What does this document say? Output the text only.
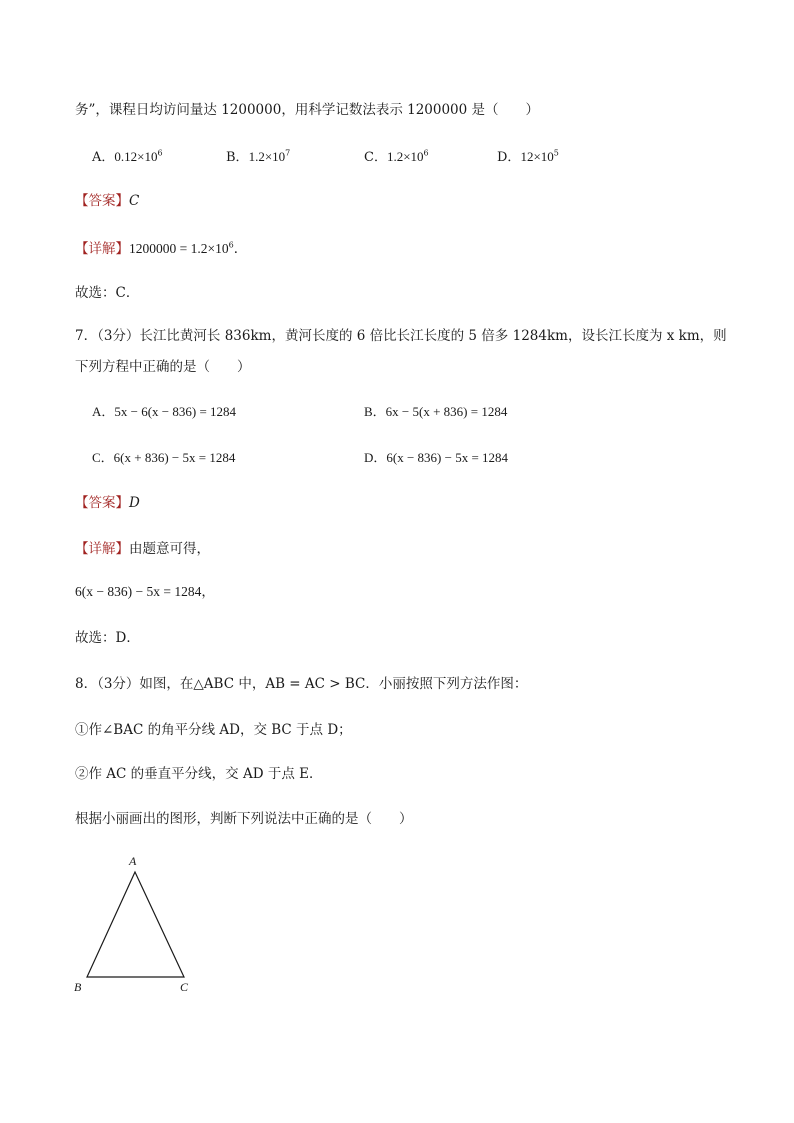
务”，课程日均访问量达 1200000，用科学记数法表示 1200000 是（　　）
A．$0.12\times 10^6$	B．$1.2\times 10^7$	C．$1.2\times 10^6$	D．$12\times 10^5$
【答案】C
【详解】$1200000 = 1.2\times 10^6$．
故选：C．
7．（3分）长江比黄河长 836km，黄河长度的 6 倍比长江长度的 5 倍多 1284km，设长江长度为 x km，则
下列方程中正确的是（　　）
A．5x − 6(x − 836) = 1284	B．6x − 5(x + 836) = 1284
C．6(x + 836) − 5x = 1284	D．6(x − 836) − 5x = 1284
【答案】D
【详解】由题意可得，
6(x − 836) − 5x = 1284，
故选：D．
8．（3分）如图，在△ABC 中，AB = AC > BC．小丽按照下列方法作图：
①作∠BAC 的角平分线 AD，交 BC 于点 D；
②作 AC 的垂直平分线，交 AD 于点 E．
根据小丽画出的图形，判断下列说法中正确的是（　　）
A
B	C
